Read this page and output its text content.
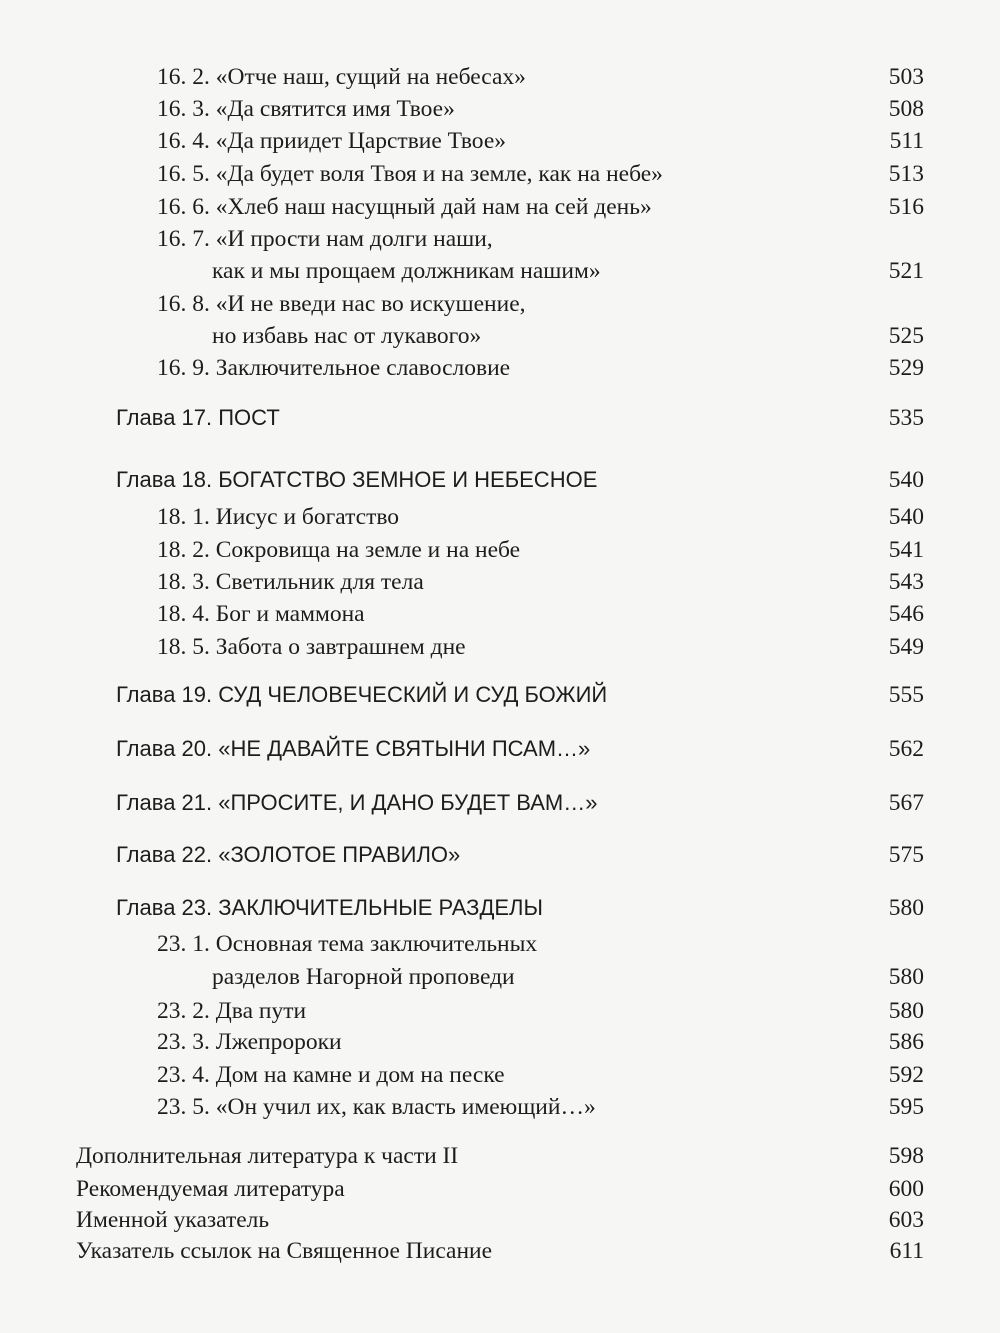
16. 2. «Отче наш, сущий на небесах»	503
16. 3. «Да святится имя Твое»	508
16. 4. «Да приидет Царствие Твое»	511
16. 5. «Да будет воля Твоя и на земле, как на небе»	513
16. 6. «Хлеб наш насущный дай нам на сей день»	516
16. 7. «И прости нам долги наши,
как и мы прощаем должникам нашим»	521
16. 8. «И не введи нас во искушение,
но избавь нас от лукавого»	525
16. 9. Заключительное славословие	529
Глава 17. ПОСТ	535
Глава 18. БОГАТСТВО ЗЕМНОЕ И НЕБЕСНОЕ	540
18. 1. Иисус и богатство	540
18. 2. Сокровища на земле и на небе	541
18. 3. Светильник для тела	543
18. 4. Бог и маммона	546
18. 5. Забота о завтрашнем дне	549
Глава 19. СУД ЧЕЛОВЕЧЕСКИЙ И СУД БОЖИЙ	555
Глава 20. «НЕ ДАВАЙТЕ СВЯТЫНИ ПСАМ…»	562
Глава 21. «ПРОСИТЕ, И ДАНО БУДЕТ ВАМ…»	567
Глава 22. «ЗОЛОТОЕ ПРАВИЛО»	575
Глава 23. ЗАКЛЮЧИТЕЛЬНЫЕ РАЗДЕЛЫ	580
23. 1. Основная тема заключительных
разделов Нагорной проповеди	580
23. 2. Два пути	580
23. 3. Лжепророки	586
23. 4. Дом на камне и дом на песке	592
23. 5. «Он учил их, как власть имеющий…»	595
Дополнительная литература к части II	598
Рекомендуемая литература	600
Именной указатель	603
Указатель ссылок на Священное Писание	611
